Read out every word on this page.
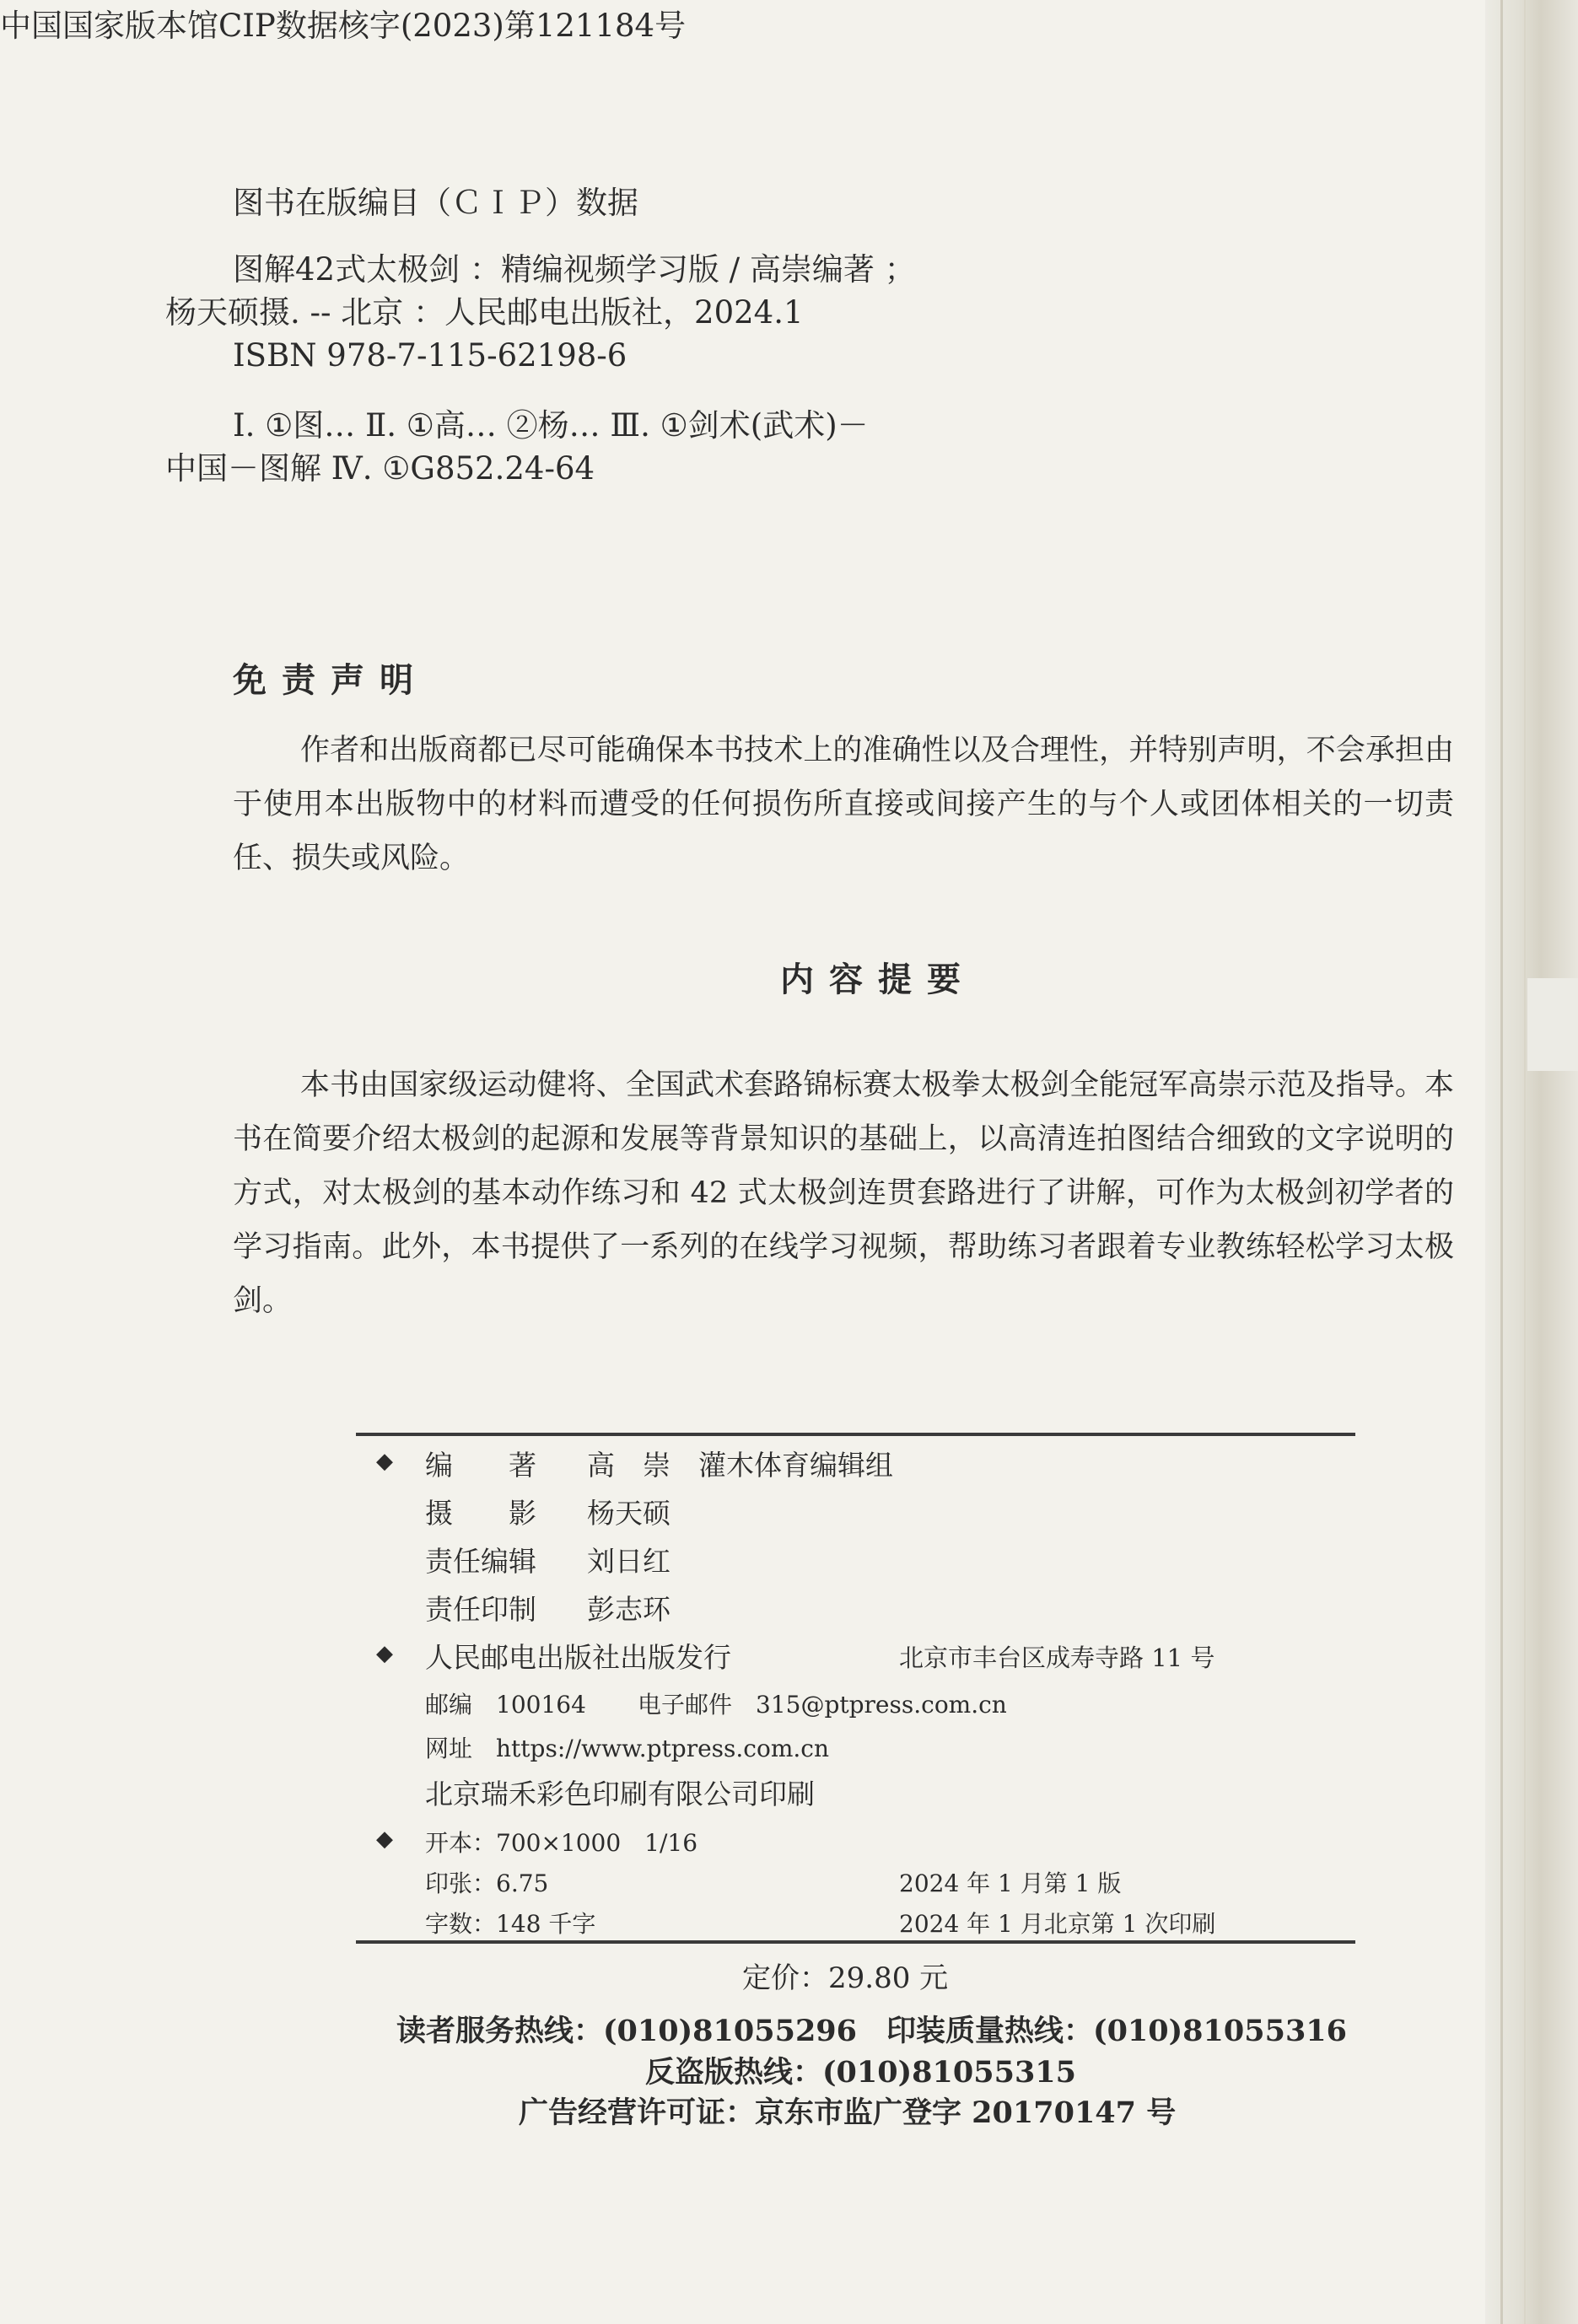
图书在版编目（ＣＩＰ）数据
图解42式太极剑 ：精编视频学习版 / 高崇编著 ；
杨天硕摄. -- 北京 ：人民邮电出版社，2024.1
ISBN 978-7-115-62198-6
Ⅰ. ①图… Ⅱ. ①高… ②杨… Ⅲ. ①剑术(武术)－
中国－图解 Ⅳ. ①G852.24-64
中国国家版本馆CIP数据核字(2023)第121184号
免责声明
作者和出版商都已尽可能确保本书技术上的准确性以及合理性，并特别声明，不会承担由于使用本出版物中的材料而遭受的任何损伤所直接或间接产生的与个人或团体相关的一切责任、损失或风险。
内容提要
本书由国家级运动健将、全国武术套路锦标赛太极拳太极剑全能冠军高崇示范及指导。本书在简要介绍太极剑的起源和发展等背景知识的基础上，以高清连拍图结合细致的文字说明的方式，对太极剑的基本动作练习和 42 式太极剑连贯套路进行了讲解，可作为太极剑初学者的学习指南。此外，本书提供了一系列的在线学习视频，帮助练习者跟着专业教练轻松学习太极剑。
◆ 编　　著 高　崇　灌木体育编辑组
摄　　影 杨天硕
责任编辑 刘日红
责任印制 彭志环
◆ 人民邮电出版社出版发行	北京市丰台区成寿寺路 11 号
邮编　100164 电子邮件　315@ptpress.com.cn
网址　https://www.ptpress.com.cn
北京瑞禾彩色印刷有限公司印刷
◆ 开本：700×1000　1/16
印张：6.75	2024 年 1 月第 1 版
字数：148 千字	2024 年 1 月北京第 1 次印刷
定价：29.80 元
读者服务热线：(010)81055296　印装质量热线：(010)81055316
反盗版热线：(010)81055315
广告经营许可证：京东市监广登字 20170147 号
